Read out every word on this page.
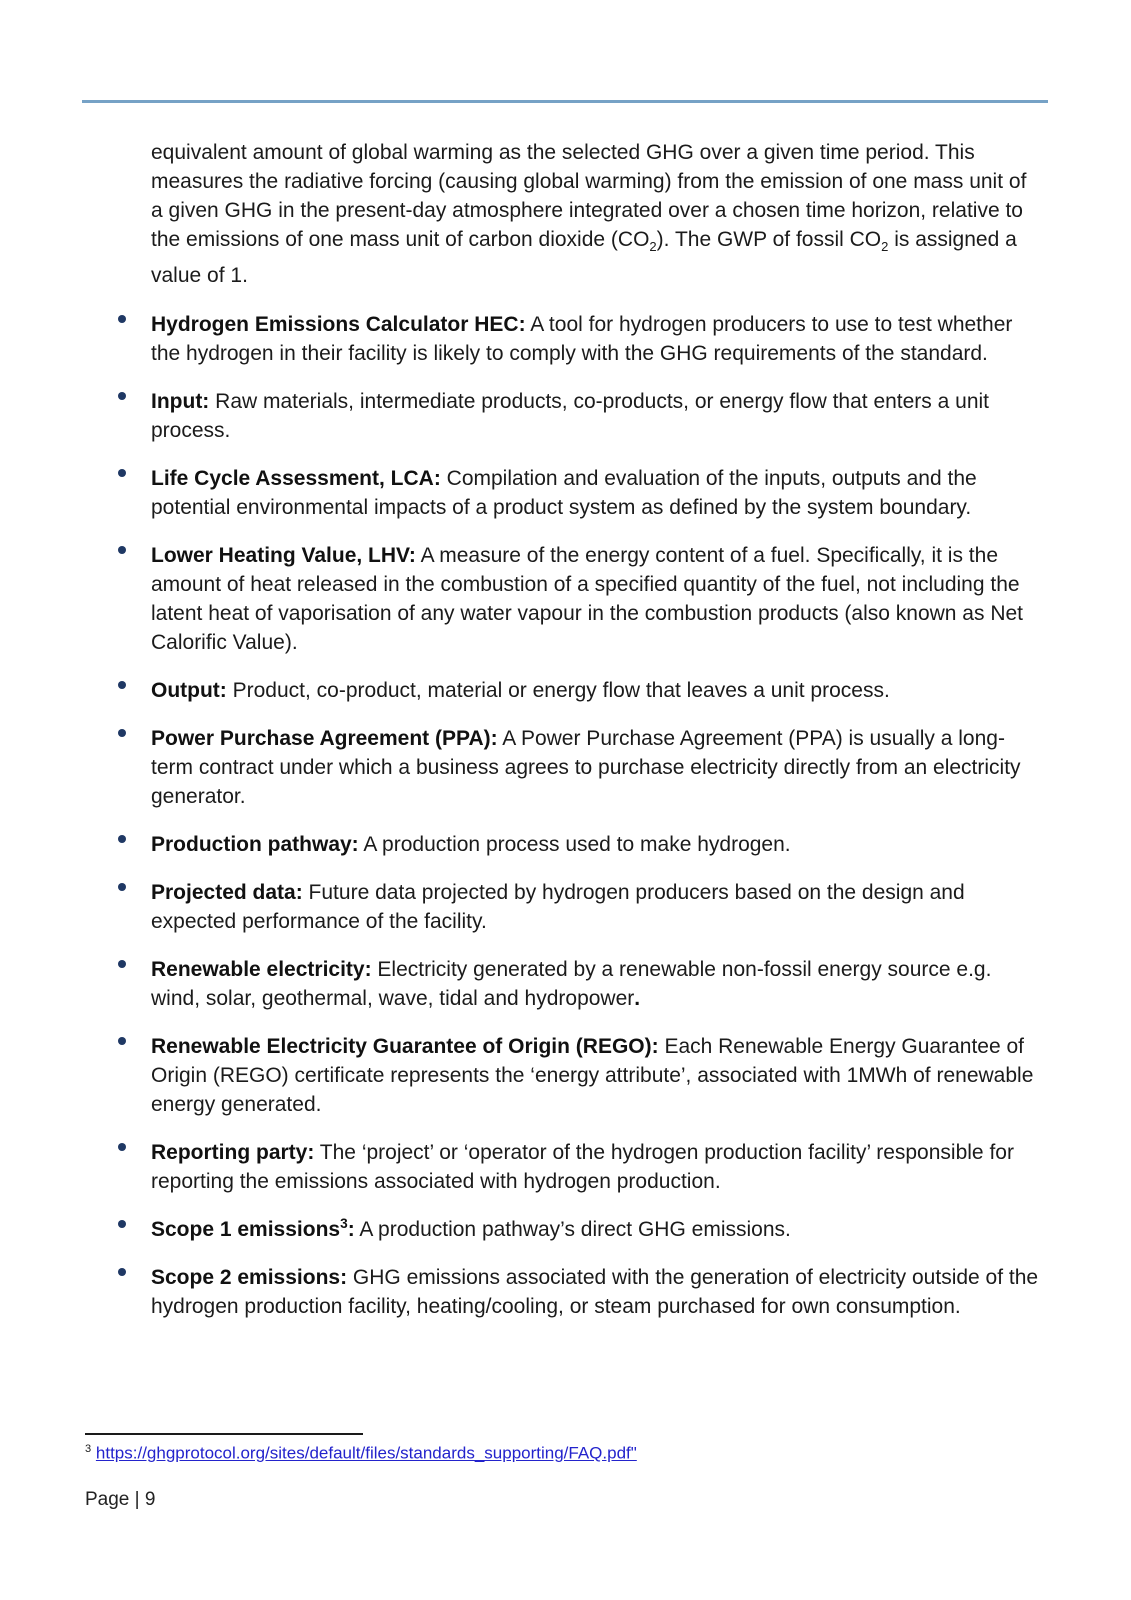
equivalent amount of global warming as the selected GHG over a given time period. This measures the radiative forcing (causing global warming) from the emission of one mass unit of a given GHG in the present-day atmosphere integrated over a chosen time horizon, relative to the emissions of one mass unit of carbon dioxide $(CO_2)$. The GWP of fossil $CO_2$ is assigned a value of 1.

Hydrogen Emissions Calculator HEC: A tool for hydrogen producers to use to test whether the hydrogen in their facility is likely to comply with the GHG requirements of the standard.
Input: Raw materials, intermediate products, co-products, or energy flow that enters a unit process.
Life Cycle Assessment, LCA: Compilation and evaluation of the inputs, outputs and the potential environmental impacts of a product system as defined by the system boundary.
Lower Heating Value, LHV: A measure of the energy content of a fuel. Specifically, it is the amount of heat released in the combustion of a specified quantity of the fuel, not including the latent heat of vaporisation of any water vapour in the combustion products (also known as Net Calorific Value).
Output: Product, co-product, material or energy flow that leaves a unit process.
Power Purchase Agreement (PPA): A Power Purchase Agreement (PPA) is usually a long-term contract under which a business agrees to purchase electricity directly from an electricity generator.
Production pathway: A production process used to make hydrogen.
Projected data: Future data projected by hydrogen producers based on the design and expected performance of the facility.
Renewable electricity: Electricity generated by a renewable non-fossil energy source e.g. wind, solar, geothermal, wave, tidal and hydropower.
Renewable Electricity Guarantee of Origin (REGO): Each Renewable Energy Guarantee of Origin (REGO) certificate represents the ‘energy attribute’, associated with 1MWh of renewable energy generated.
Reporting party: The ‘project’ or ‘operator of the hydrogen production facility’ responsible for reporting the emissions associated with hydrogen production.
Scope 1 emissions$^3$: A production pathway’s direct GHG emissions.
Scope 2 emissions: GHG emissions associated with the generation of electricity outside of the hydrogen production facility, heating/cooling, or steam purchased for own consumption.
$^3$ https://ghgprotocol.org/sites/default/files/standards_supporting/FAQ.pdf"
Page | 9
